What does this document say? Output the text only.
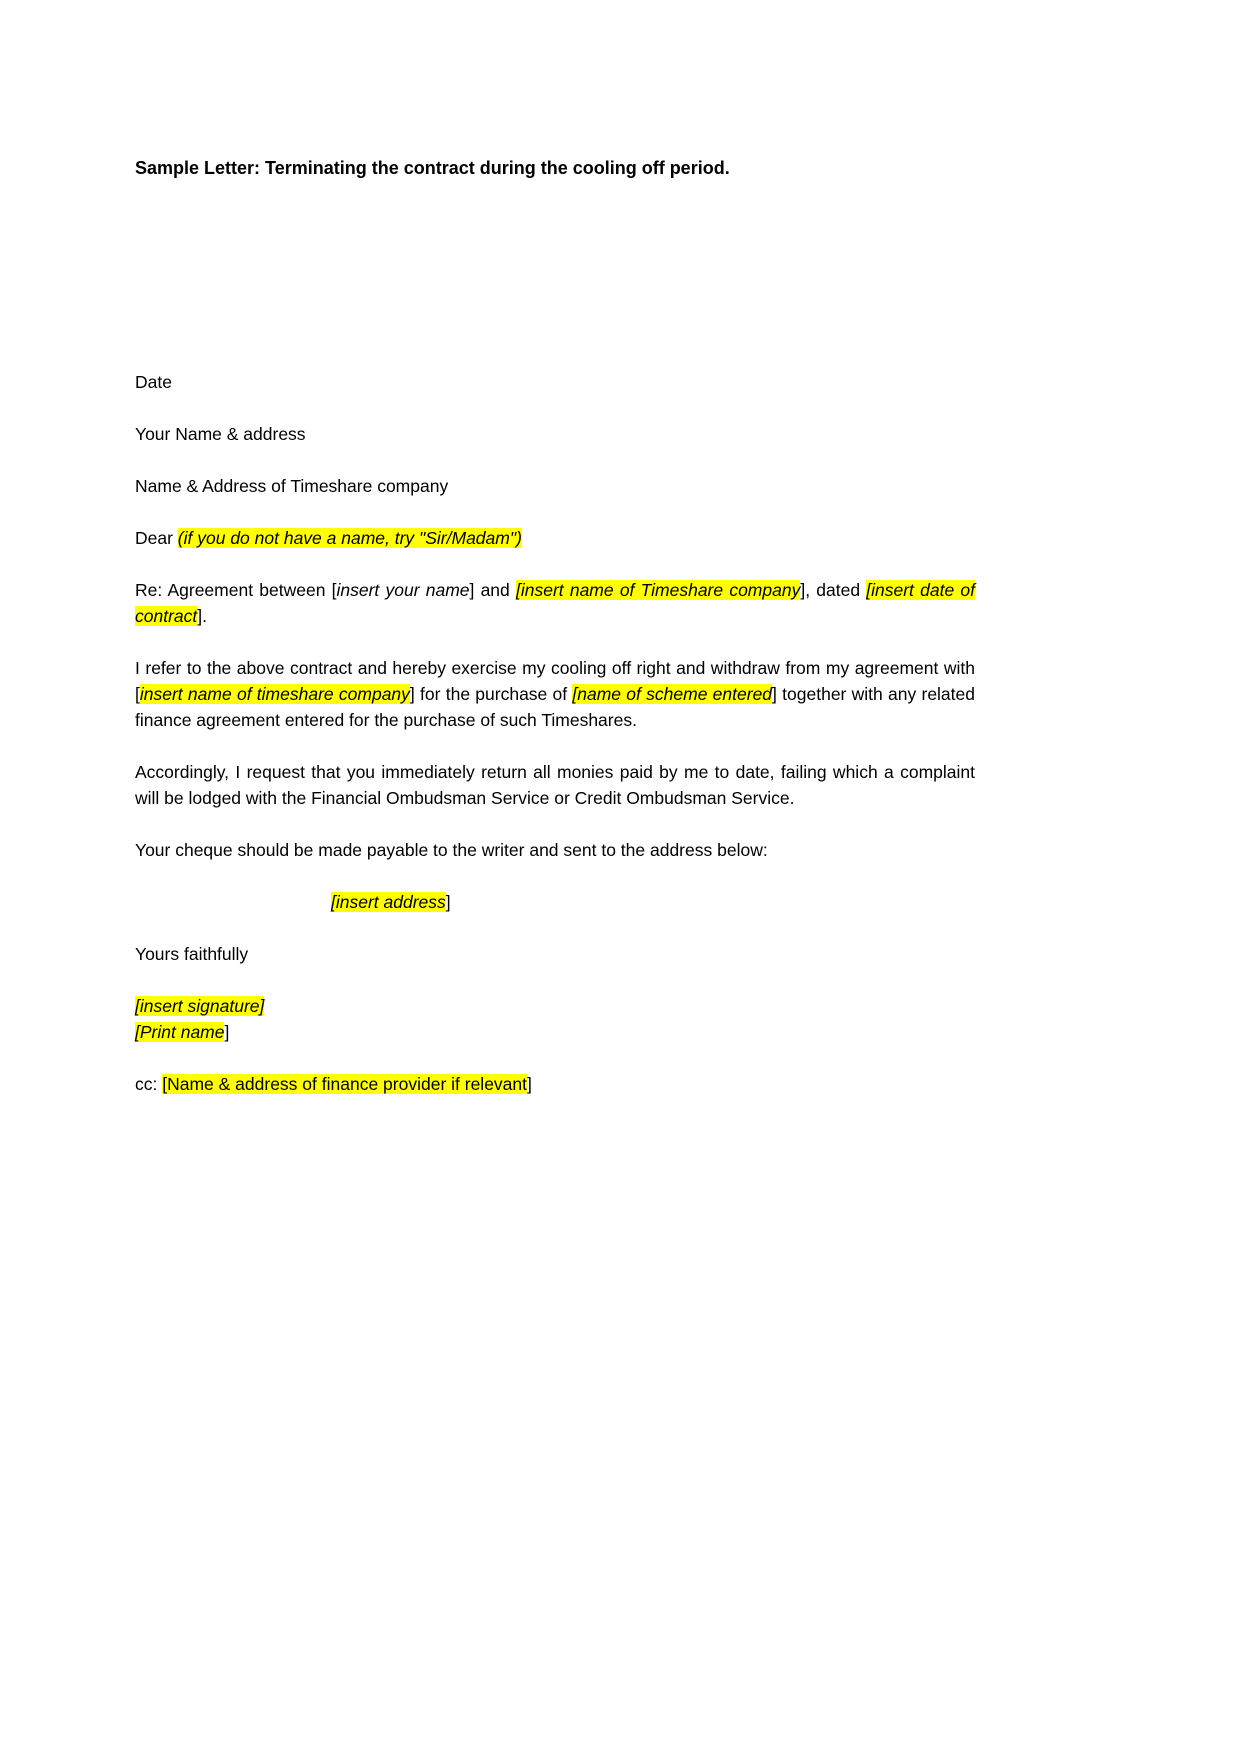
Sample Letter: Terminating the contract during the cooling off period.

Date

Your Name & address

Name & Address of Timeshare company

Dear (if you do not have a name, try "Sir/Madam")

Re: Agreement between [insert your name] and [insert name of Timeshare company], dated [insert date of contract].

I refer to the above contract and hereby exercise my cooling off right and withdraw from my agreement with [insert name of timeshare company] for the purchase of [name of scheme entered] together with any related finance agreement entered for the purchase of such Timeshares.

Accordingly, I request that you immediately return all monies paid by me to date, failing which a complaint will be lodged with the Financial Ombudsman Service or Credit Ombudsman Service.

Your cheque should be made payable to the writer and sent to the address below:

[insert address]

Yours faithfully

[insert signature]

[Print name]

cc: [Name & address of finance provider if relevant]
